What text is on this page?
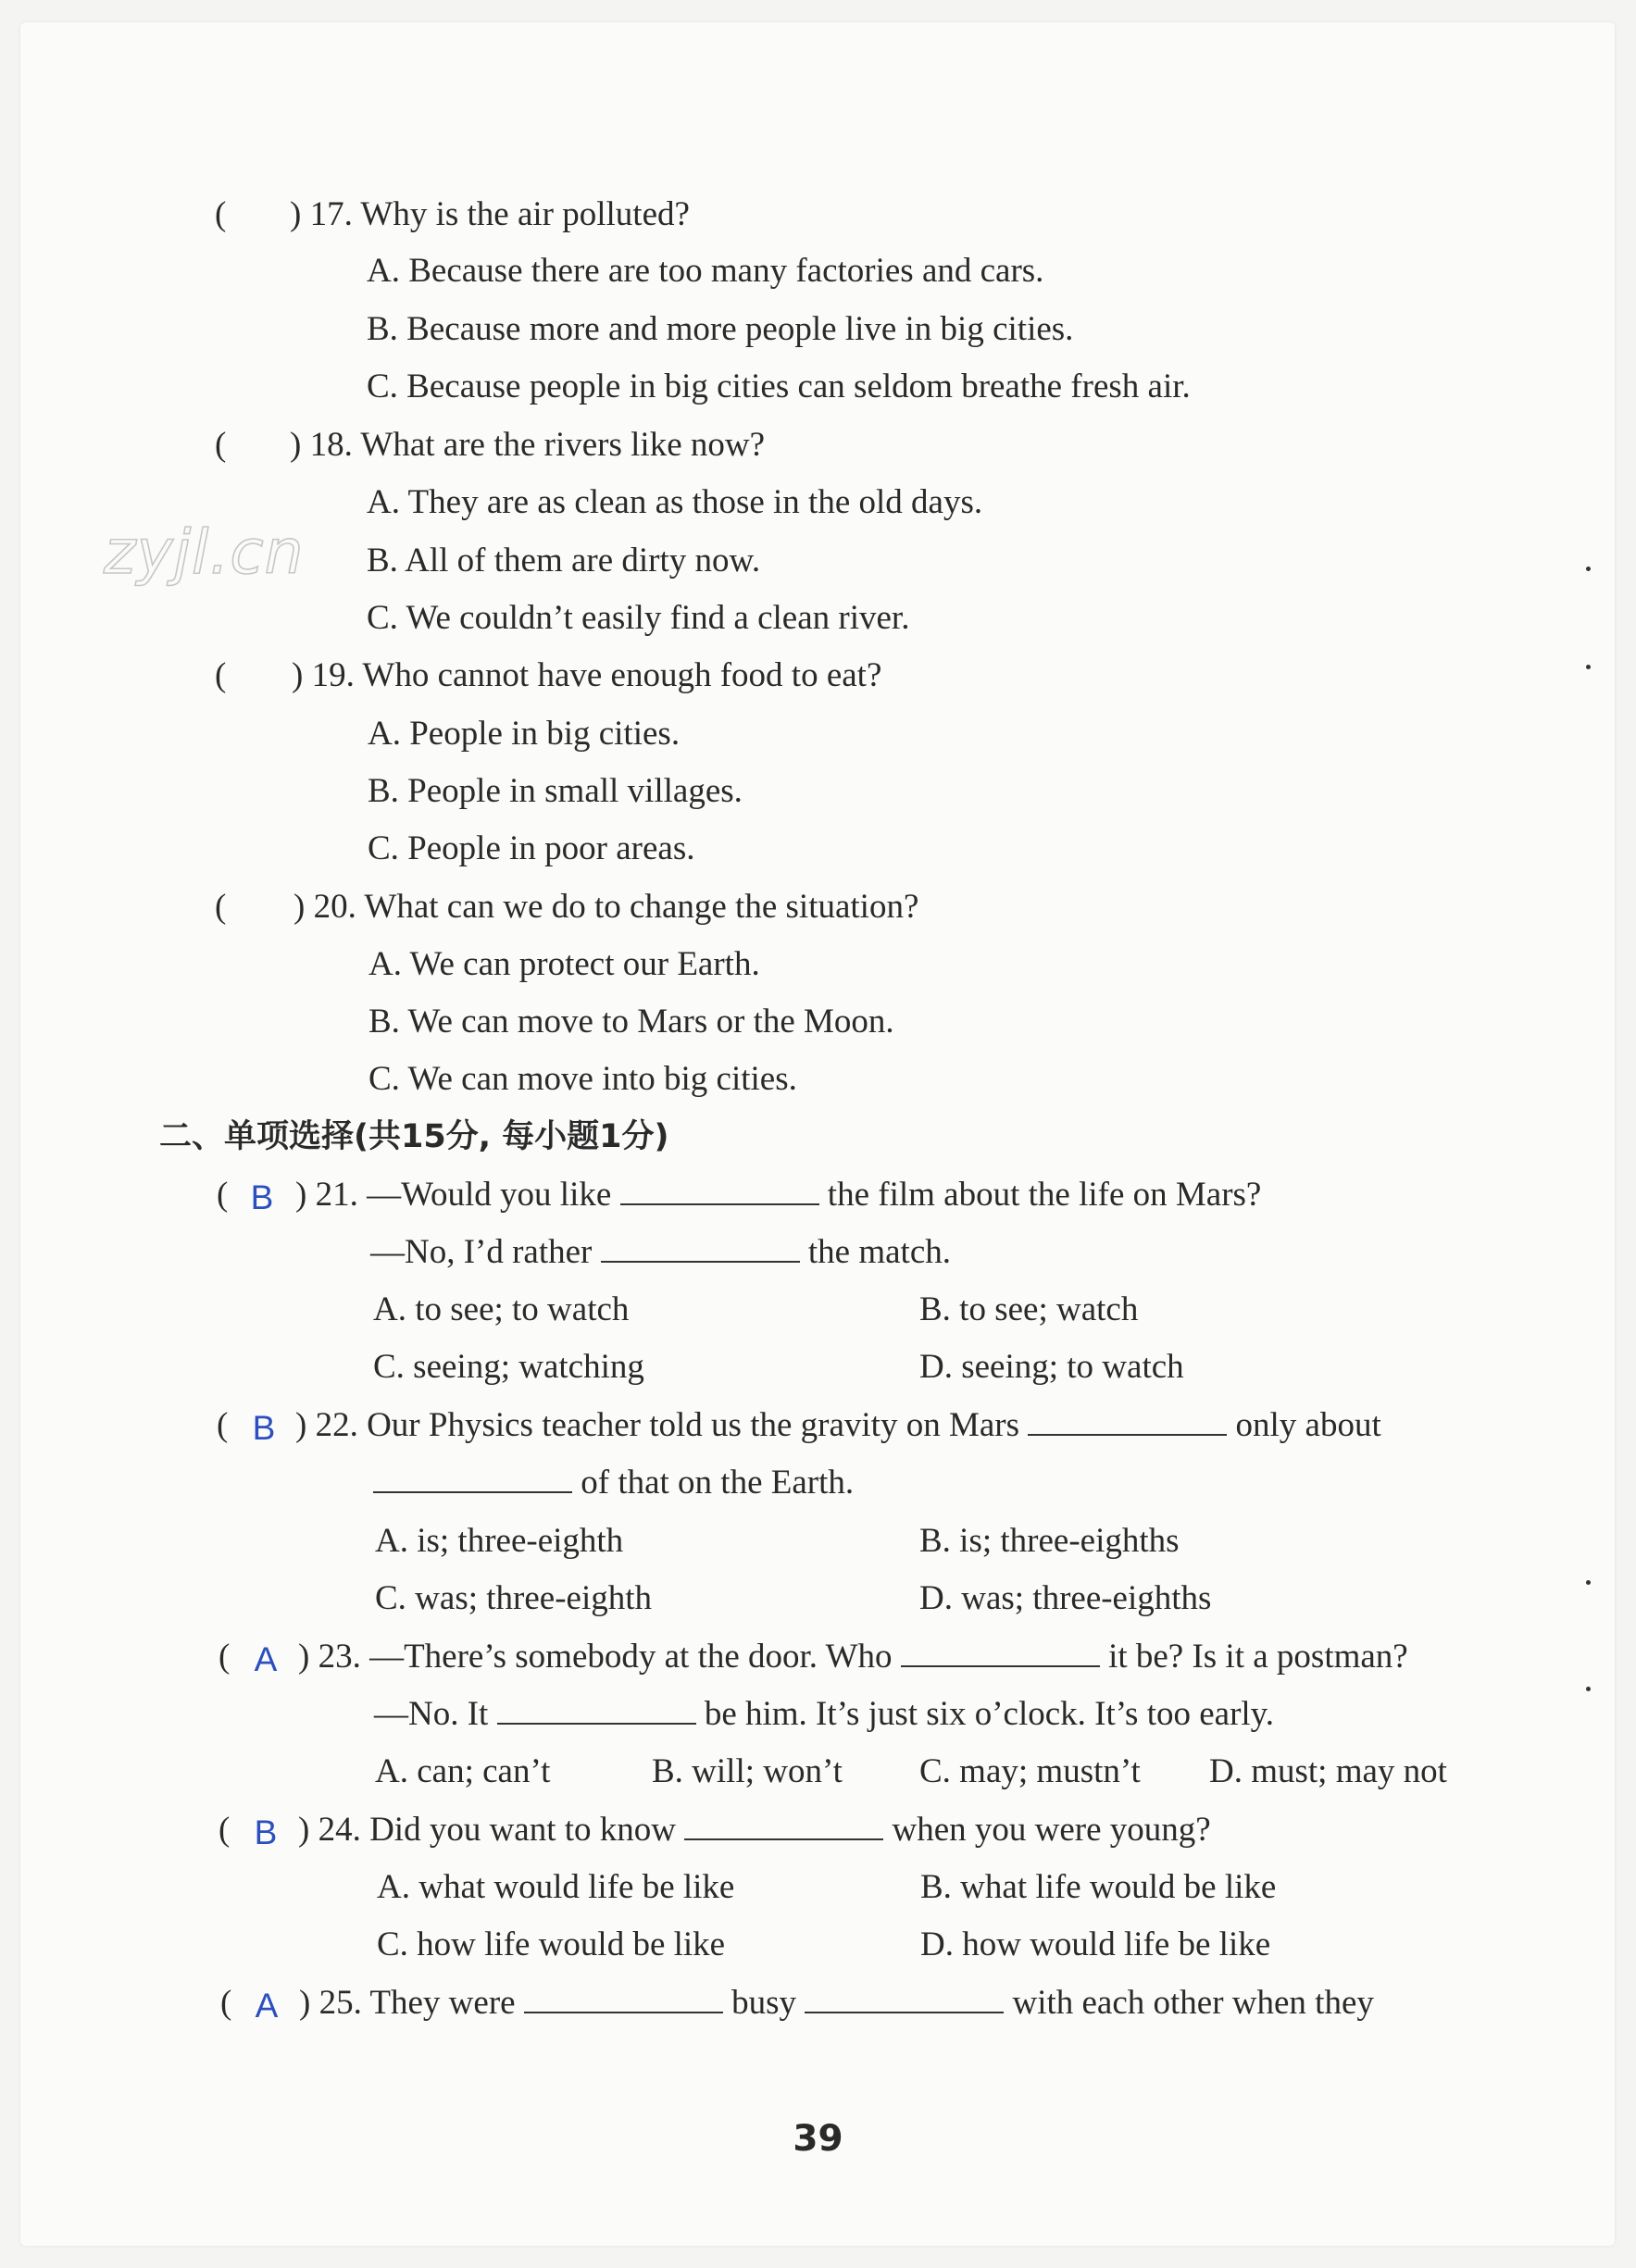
zyjl.cn
( ) 17. Why is the air polluted?
A. Because there are too many factories and cars.
B. Because more and more people live in big cities.
C. Because people in big cities can seldom breathe fresh air.
( ) 18. What are the rivers like now?
A. They are as clean as those in the old days.
B. All of them are dirty now.
C. We couldn’t easily find a clean river.
( ) 19. Who cannot have enough food to eat?
A. People in big cities.
B. People in small villages.
C. People in poor areas.
( ) 20. What can we do to change the situation?
A. We can protect our Earth.
B. We can move to Mars or the Moon.
C. We can move into big cities.
二、单项选择(共15分, 每小题1分)
( B ) 21. —Would you like	the film about the life on Mars?
—No, I’d rather	the match.
A. to see; to watch	B. to see; watch
C. seeing; watching	D. seeing; to watch
( B ) 22. Our Physics teacher told us the gravity on Mars	only about
of that on the Earth.
A. is; three-eighth	B. is; three-eighths
C. was; three-eighth	D. was; three-eighths
( A ) 23. —There’s somebody at the door. Who	it be? Is it a postman?
—No. It	be him. It’s just six o’clock. It’s too early.
A. can; can’t	B. will; won’t C. may; mustn’t D. must; may not
( B ) 24. Did you want to know	when you were young?
A. what would life be like	B. what life would be like
C. how life would be like	D. how would life be like
( A ) 25. They were	busy	with each other when they
39
